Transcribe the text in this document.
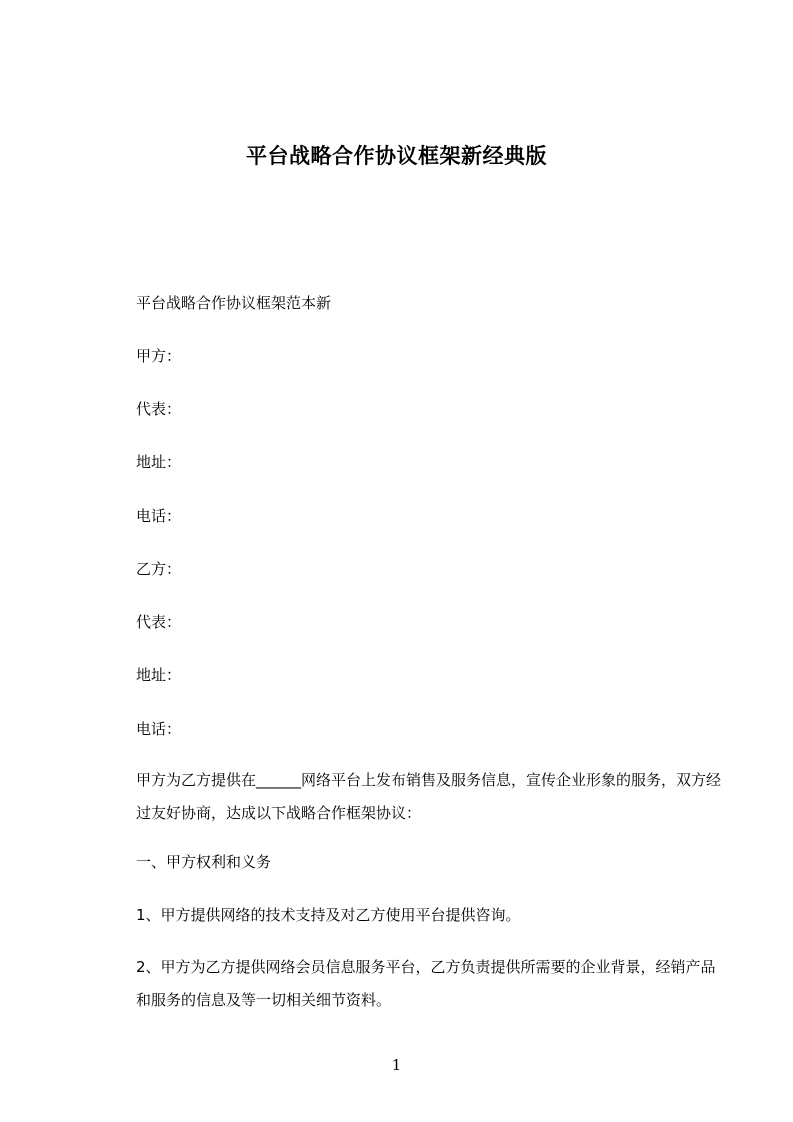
平台战略合作协议框架新经典版
平台战略合作协议框架范本新
甲方：
代表：
地址：
电话：
乙方：
代表：
地址：
电话：
甲方为乙方提供在______网络平台上发布销售及服务信息，宣传企业形象的服务，双方经过友好协商，达成以下战略合作框架协议：
一、甲方权利和义务
1、甲方提供网络的技术支持及对乙方使用平台提供咨询。
2、甲方为乙方提供网络会员信息服务平台，乙方负责提供所需要的企业背景，经销产品和服务的信息及等一切相关细节资料。
1
